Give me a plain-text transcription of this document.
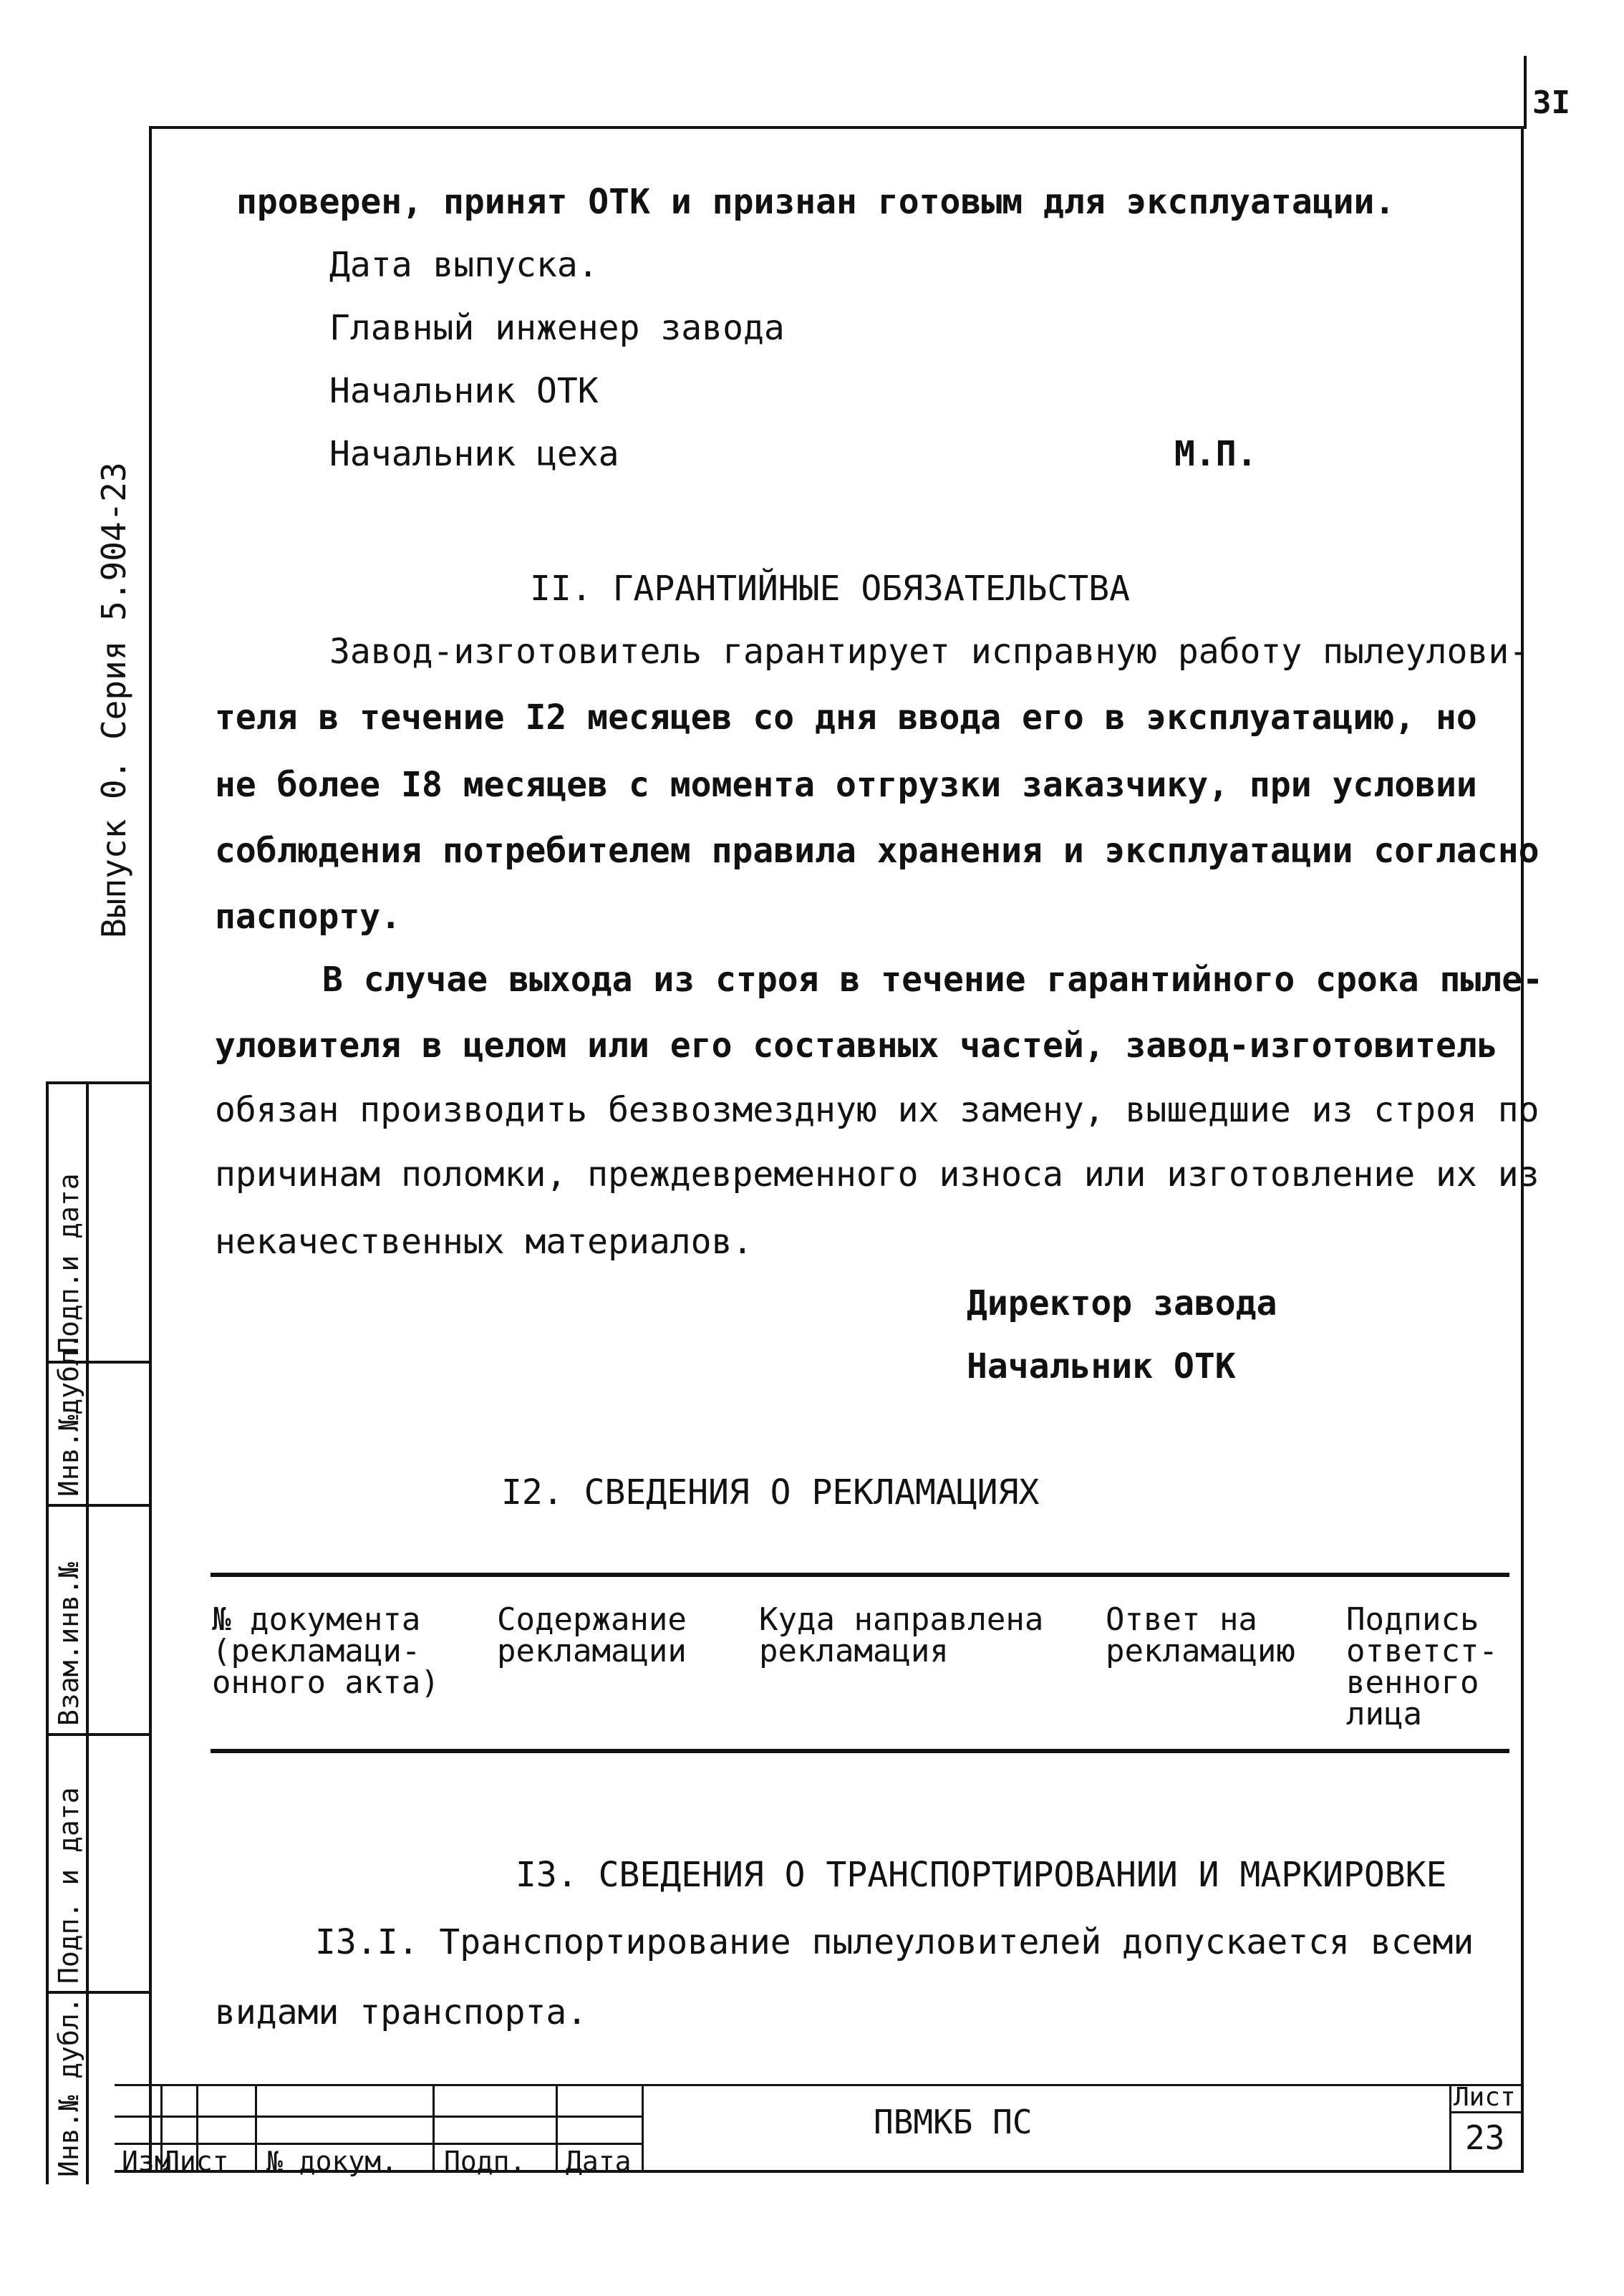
3I
Выпуск 0. Серия 5.904-23
Инв.№ дубл.
Подп. и дата
Взам.инв.№
Инв.№дубл.
Подп.и дата
проверен, принят ОТК и признан готовым для эксплуатации.
Дата выпуска.
Главный инженер завода
Начальник ОТК
Начальник цеха	М.П.
II. ГАРАНТИЙНЫЕ ОБЯЗАТЕЛЬСТВА
Завод-изготовитель гарантирует исправную работу пылеулови-
теля в течение I2 месяцев со дня ввода его в эксплуатацию, но
не более I8 месяцев с момента отгрузки заказчику, при условии
соблюдения потребителем правила хранения и эксплуатации согласно
паспорту.
В случае выхода из строя в течение гарантийного срока пыле-
уловителя в целом или его составных частей, завод-изготовитель
обязан производить безвозмездную их замену, вышедшие из строя по
причинам поломки, преждевременного износа или изготовление их из
некачественных материалов.
Директор завода
Начальник ОТК
I2. СВЕДЕНИЯ О РЕКЛАМАЦИЯХ
№ документа
(рекламаци-
онного акта)
Содержание
рекламации
Куда направлена
рекламация
Ответ на
рекламацию
Подпись
ответст-
венного
лица
I3. СВЕДЕНИЯ О ТРАНСПОРТИРОВАНИИ И МАРКИРОВКЕ
I3.I. Транспортирование пылеуловителей допускается всеми
видами транспорта.
Изм
Лист № докум. Подп. Дата
ПВМКБ ПС
Лист
23
